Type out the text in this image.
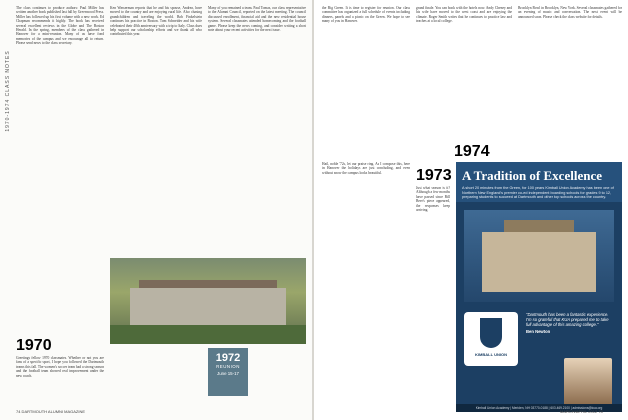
1970-1974 CLASS NOTES

The class continues to produce authors: Paul Miller has written another book published last fall by Greenwood Press. Miller has followed up his first volume with a new work. Ed Chapman recommends it highly. The book has received several excellent reviews in the Globe and The Boston Herald. In the spring, members of the class gathered in Hanover for a mini-reunion. Many of us have fond memories of the campus and we encourage all to return. Please send news to the class secretary.

Ken Wasserman reports that he and his spouse, Andrea, have moved to the country and are enjoying rural life. Also chasing grandchildren and traveling the world. Bob Finkelstein continues his practice in Boston. Tom Schneider and his wife celebrated their 40th anniversary with a trip to Italy. Class dues help support our scholarship efforts and we thank all who contributed this year.

Many of you remained a team. Paul Tomas, our class representative to the Alumni Council, reported on the latest meeting. The council discussed enrollment, financial aid and the new residential house system. Several classmates attended homecoming and the football game. Please keep the news coming, and consider writing a short note about your recent activities for the next issue.

1970

Greetings fellow 1970 classmates. Whether or not you are fans of a specific sport, I hope you followed the Dartmouth teams this fall. The women's soccer team had a strong season and the football team showed real improvement under the new coach.

1972
REUNION
June 15-17
74 DARTMOUTH ALUMNI MAGAZINE

the Big Green. It is time to register for reunion. Our class committee has organized a full schedule of events including dinners, panels and a picnic on the Green. We hope to see many of you in Hanover.

grand finale. You can book with the hotels now. Andy Cheney and his wife have moved to the west coast and are enjoying the climate. Roger Smith writes that he continues to practice law and teaches at a local college.

Brooklyn Bowl in Brooklyn, New York. Several classmates gathered for an evening of music and conversation. The next event will be announced soon. Please check the class website for details.

1973

Hail, noble '72s, let our praise ring. As I compose this, here in Hanover the holidays are just concluding, and even without snow the campus looks beautiful.

Just what season is it? Although a few months have passed since Bill Beer's piece appeared, the responses keep arriving.

1974

A Tradition of Excellence
A short 20 minutes from the Green, for 100 years Kimball Union Academy has been one of Northern New England's premier co-ed independent boarding schools for grades 9 to 12, preparing students to succeed at Dartmouth and other top schools across the country.
KIMBALL UNION
"Dartmouth has been a fantastic experience. I'm so grateful that KUA prepared me to take full advantage of this amazing college."
Ben Newton
Kimball Union Academy | Meriden, NH 03770-0188 | 603.469.2100 | admissions@kua.org
MARCH/APRIL 2012 75
